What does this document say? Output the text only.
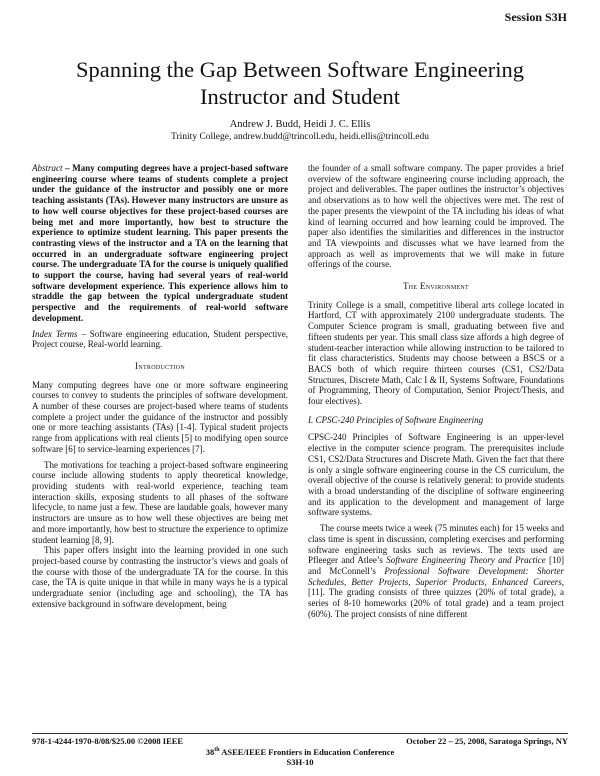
Session S3H
Spanning the Gap Between Software Engineering Instructor and Student
Andrew J. Budd, Heidi J. C. Ellis
Trinity College, andrew.budd@trincoll.edu, heidi.ellis@trincoll.edu

Abstract – Many computing degrees have a project-based software engineering course where teams of students complete a project under the guidance of the instructor and possibly one or more teaching assistants (TAs). However many instructors are unsure as to how well course objectives for these project-based courses are being met and more importantly, how best to structure the experience to optimize student learning. This paper presents the contrasting views of the instructor and a TA on the learning that occurred in an undergraduate software engineering project course. The undergraduate TA for the course is uniquely qualified to support the course, having had several years of real-world software development experience. This experience allows him to straddle the gap between the typical undergraduate student perspective and the requirements of real-world software development.

Index Terms – Software engineering education, Student perspective, Project course, Real-world learning.

Introduction

Many computing degrees have one or more software engineering courses to convey to students the principles of software development. A number of these courses are project-based where teams of students complete a project under the guidance of the instructor and possibly one or more teaching assistants (TAs) [1-4]. Typical student projects range from applications with real clients [5] to modifying open source software [6] to service-learning experiences [7].

The motivations for teaching a project-based software engineering course include allowing students to apply theoretical knowledge, providing students with real-world experience, teaching team interaction skills, exposing students to all phases of the software lifecycle, to name just a few. These are laudable goals, however many instructors are unsure as to how well these objectives are being met and more importantly, how best to structure the experience to optimize student learning [8, 9].

This paper offers insight into the learning provided in one such project-based course by contrasting the instructor’s views and goals of the course with those of the undergraduate TA for the course. In this case, the TA is quite unique in that while in many ways he is a typical undergraduate senior (including age and schooling), the TA has extensive background in software development, being

the founder of a small software company. The paper provides a brief overview of the software engineering course including approach, the project and deliverables. The paper outlines the instructor’s objectives and observations as to how well the objectives were met. The rest of the paper presents the viewpoint of the TA including his ideas of what kind of learning occurred and how learning could be improved. The paper also identifies the similarities and differences in the instructor and TA viewpoints and discusses what we have learned from the approach as well as improvements that we will make in future offerings of the course.

The Environment

Trinity College is a small, competitive liberal arts college located in Hartford, CT with approximately 2100 undergraduate students. The Computer Science program is small, graduating between five and fifteen students per year. This small class size affords a high degree of student-teacher interaction while allowing instruction to be tailored to fit class characteristics. Students may choose between a BSCS or a BACS both of which require thirteen courses (CS1, CS2/Data Structures, Discrete Math, Calc I & II, Systems Software, Foundations of Programming, Theory of Computation, Senior Project/Thesis, and four electives).

I. CPSC-240 Principles of Software Engineering

CPSC-240 Principles of Software Engineering is an upper-level elective in the computer science program. The prerequisites include CS1, CS2/Data Structures and Discrete Math. Given the fact that there is only a single software engineering course in the CS curriculum, the overall objective of the course is relatively general: to provide students with a broad understanding of the discipline of software engineering and its application to the development and management of large software systems.

The course meets twice a week (75 minutes each) for 15 weeks and class time is spent in discussion, completing exercises and performing software engineering tasks such as reviews. The texts used are Pfleeger and Atlee’s Software Engineering Theory and Practice [10] and McConnell’s Professional Software Development: Shorter Schedules, Better Projects, Superior Products, Enhanced Careers, [11]. The grading consists of three quizzes (20% of total grade), a series of 8-10 homeworks (20% of total grade) and a team project (60%). The project consists of nine different

978-1-4244-1970-8/08/$25.00 ©2008 IEEE	October 22 – 25, 2008, Saratoga Springs, NY
38th ASEE/IEEE Frontiers in Education Conference
S3H-10
